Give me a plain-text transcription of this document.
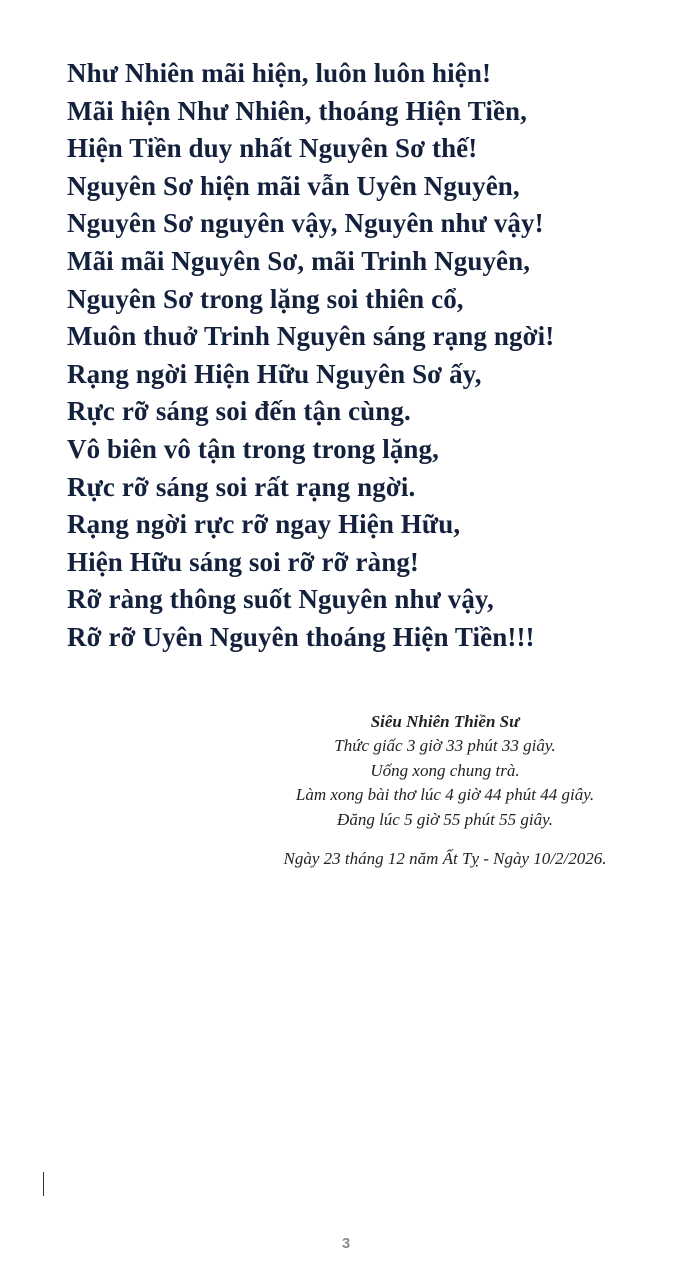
Như Nhiên mãi hiện, luôn luôn hiện!
Mãi hiện Như Nhiên, thoáng Hiện Tiền,
Hiện Tiền duy nhất Nguyên Sơ thế!
Nguyên Sơ hiện mãi vẫn Uyên Nguyên,
Nguyên Sơ nguyên vậy, Nguyên như vậy!
Mãi mãi Nguyên Sơ, mãi Trinh Nguyên,
Nguyên Sơ trong lặng soi thiên cổ,
Muôn thuở Trinh Nguyên sáng rạng ngời!
Rạng ngời Hiện Hữu Nguyên Sơ ấy,
Rực rỡ sáng soi đến tận cùng.
Vô biên vô tận trong trong lặng,
Rực rỡ sáng soi rất rạng ngời.
Rạng ngời rực rỡ ngay Hiện Hữu,
Hiện Hữu sáng soi rỡ rỡ ràng!
Rỡ ràng thông suốt Nguyên như vậy,
Rỡ rỡ Uyên Nguyên thoáng Hiện Tiền!!!
Siêu Nhiên Thiền Sư
Thức giấc 3 giờ 33 phút 33 giây.
Uống xong chung trà.
Làm xong bài thơ lúc 4 giờ 44 phút 44 giây.
Đăng lúc 5 giờ 55 phút 55 giây.
Ngày 23 tháng 12 năm Ất Tỵ - Ngày 10/2/2026.
3
